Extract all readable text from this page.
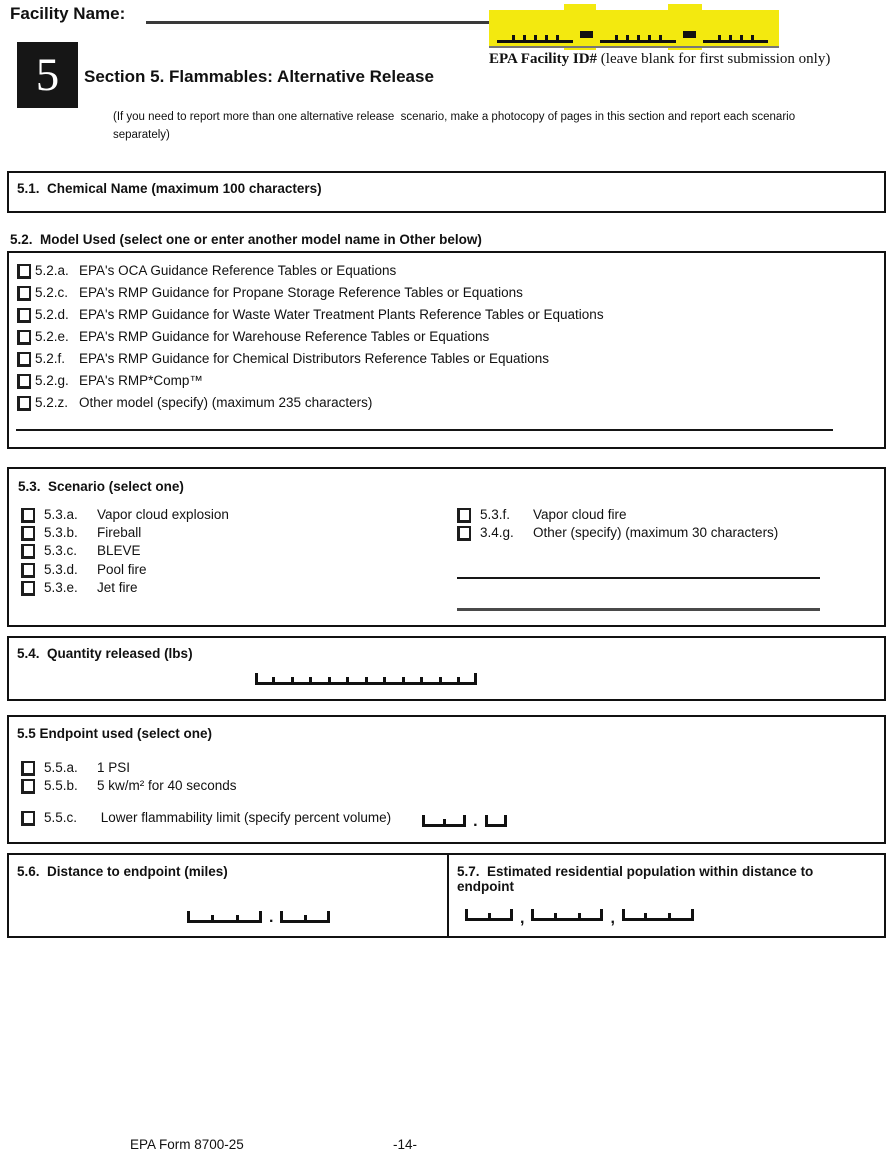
Facility Name:
EPA Facility ID# (leave blank for first submission only)
5 Section 5. Flammables: Alternative Release
(If you need to report more than one alternative release  scenario, make a photocopy of pages in this section and report each scenario separately)
5.1.  Chemical Name (maximum 100 characters)
5.2.  Model Used (select one or enter another model name in Other below)
5.2.a. EPA's OCA Guidance Reference Tables or Equations
5.2.c. EPA's RMP Guidance for Propane Storage Reference Tables or Equations
5.2.d. EPA's RMP Guidance for Waste Water Treatment Plants Reference Tables or Equations
5.2.e. EPA's RMP Guidance for Warehouse Reference Tables or Equations
5.2.f.	EPA's RMP Guidance for Chemical Distributors Reference Tables or Equations
5.2.g. EPA's RMP*Comp™
5.2.z. Other model (specify) (maximum 235 characters)
5.3.  Scenario (select one)
5.3.a.	Vapor cloud explosion
5.3.b.	Fireball
5.3.c.	BLEVE
5.3.d.	Pool fire
5.3.e.	Jet fire
5.3.f.	Vapor cloud fire
3.4.g.	Other (specify) (maximum 30 characters)
5.4.  Quantity released (lbs)
5.5 Endpoint used (select one)
5.5.a.	1 PSI
5.5.b.	5 kw/m² for 40 seconds
5.5.c.	Lower flammability limit (specify percent volume)	.
5.6.  Distance to endpoint (miles)
.
5.7.  Estimated residential population within distance to endpoint
,	,
EPA Form 8700-25	-14-
